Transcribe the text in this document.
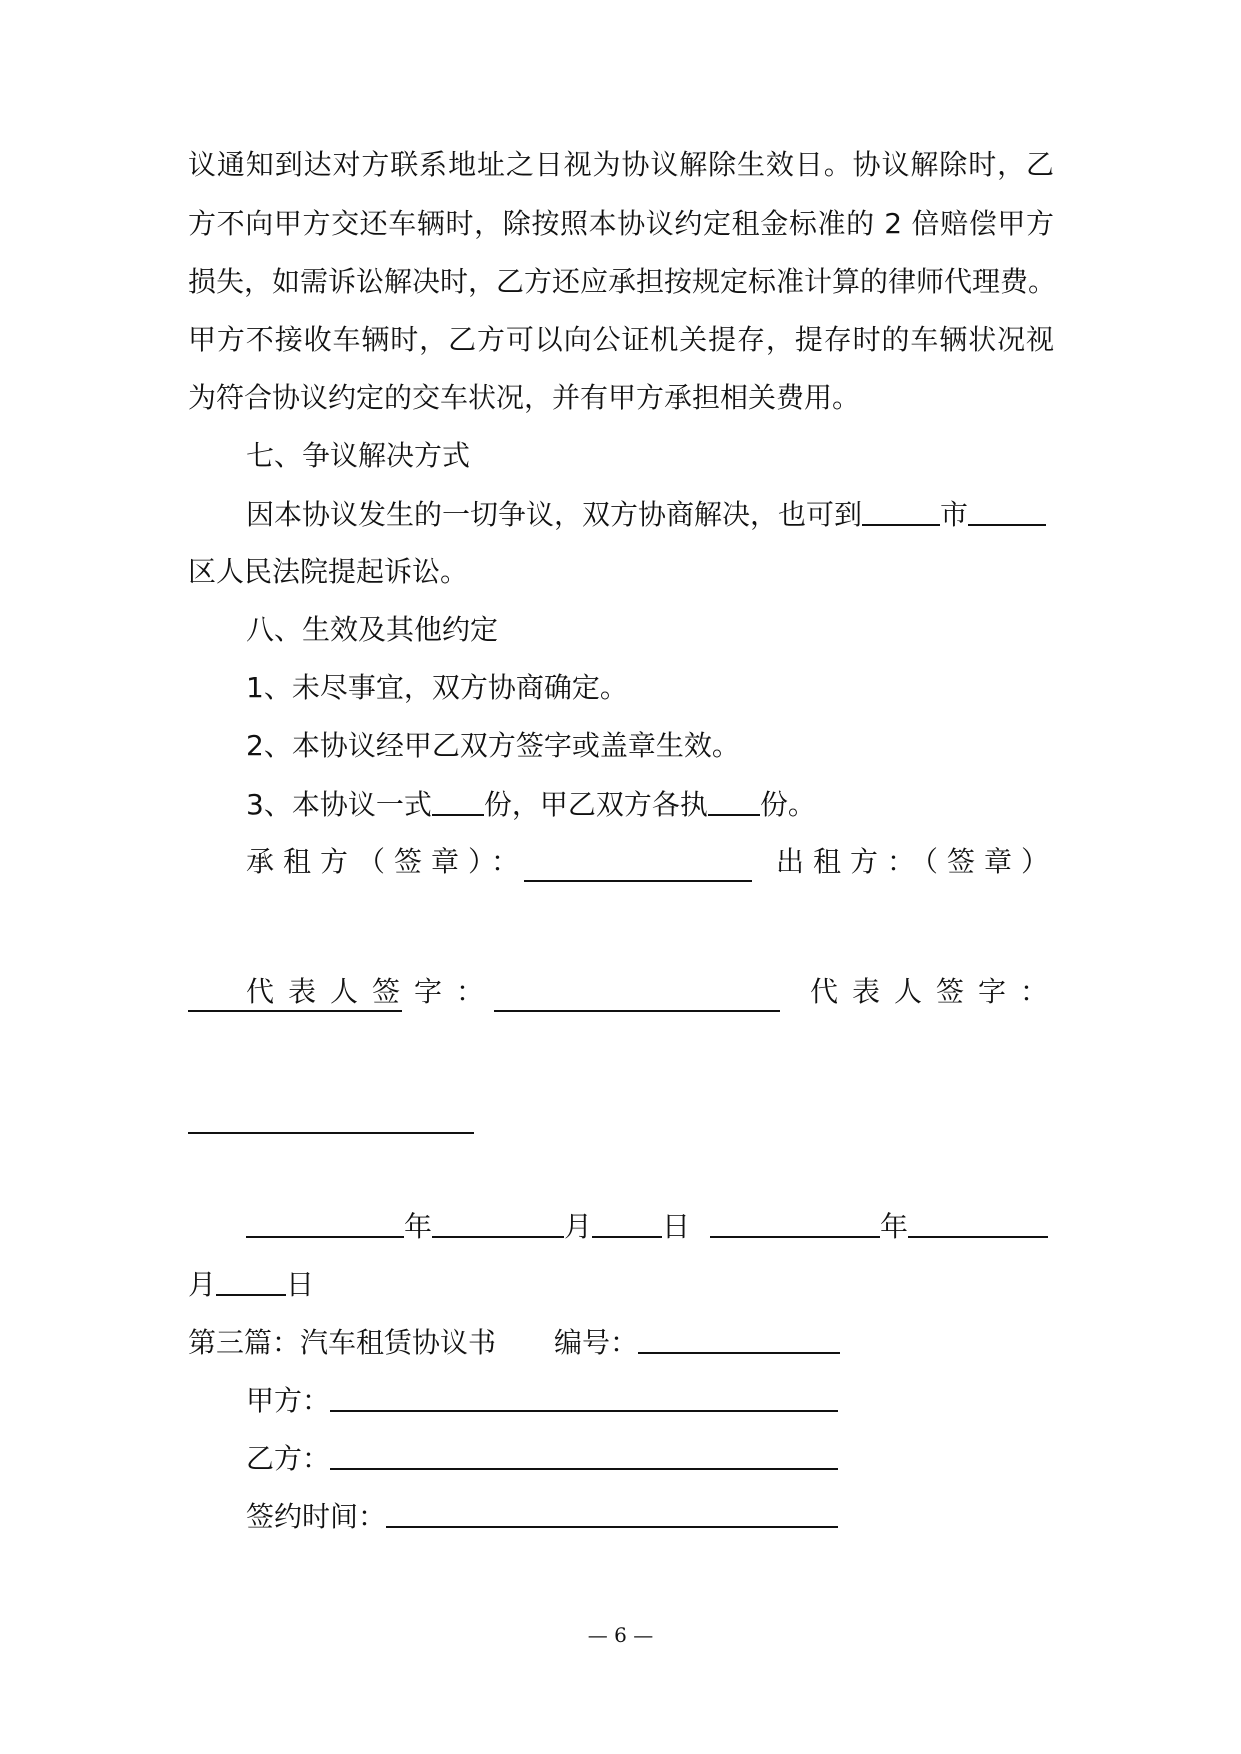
议通知到达对方联系地址之日视为协议解除生效日。协议解除时，乙
方不向甲方交还车辆时，除按照本协议约定租金标准的 2 倍赔偿甲方
损失，如需诉讼解决时，乙方还应承担按规定标准计算的律师代理费。
甲方不接收车辆时，乙方可以向公证机关提存，提存时的车辆状况视
为符合协议约定的交车状况，并有甲方承担相关费用。
七、争议解决方式
因本协议发生的一切争议，双方协商解决，也可到	市
区人民法院提起诉讼。
八、生效及其他约定
1、未尽事宜，双方协商确定。
2、本协议经甲乙双方签字或盖章生效。
3、本协议一式 份，甲乙双方各执 份。
承租方（签章）：	出租方：（签章）
代表人签字：	代表人签字：
年	月	日	年
月	日
第三篇：汽车租赁协议书 编号：
甲方：
乙方：
签约时间：
— 6 —
